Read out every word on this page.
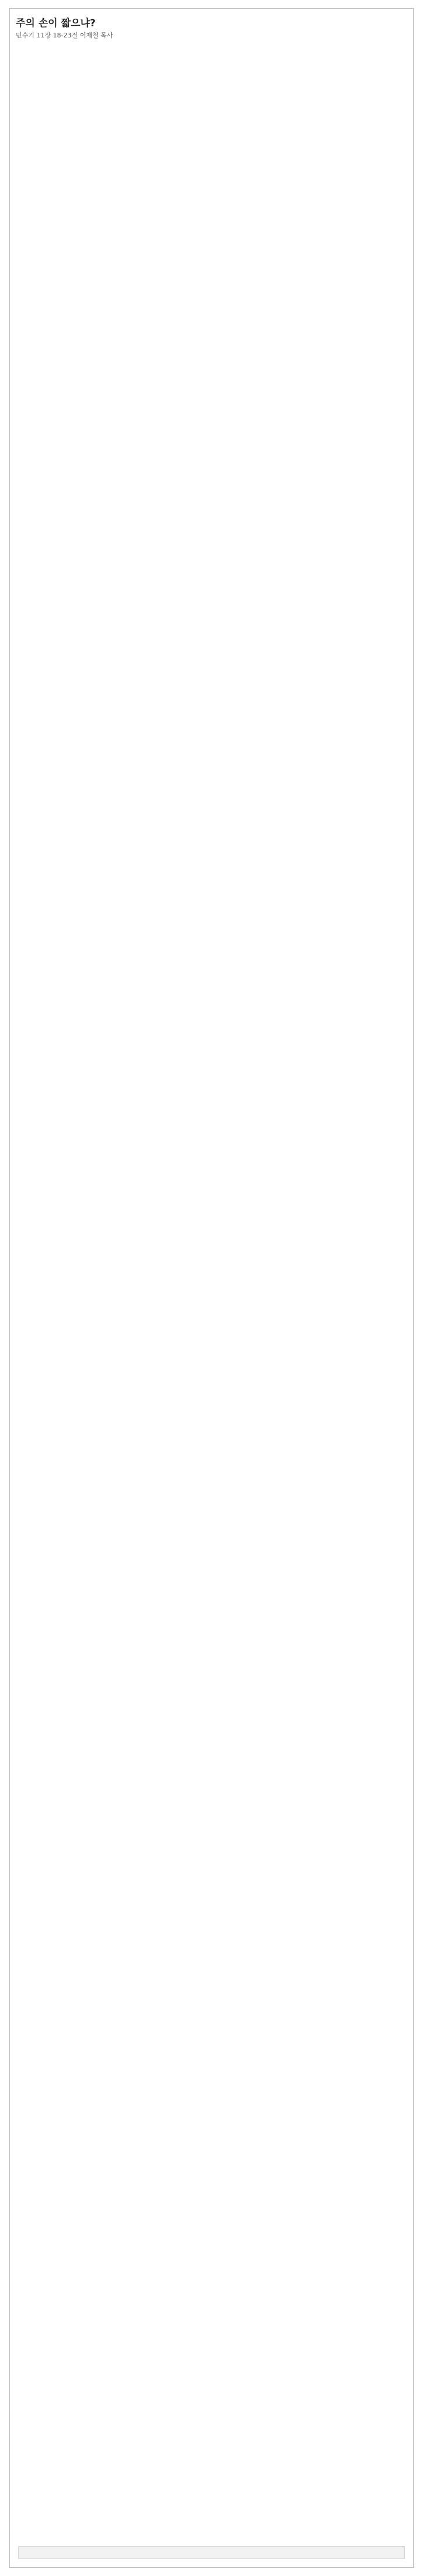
주의 손이 짧으냐?
민수기 11장 18-23절 이재철 목사
